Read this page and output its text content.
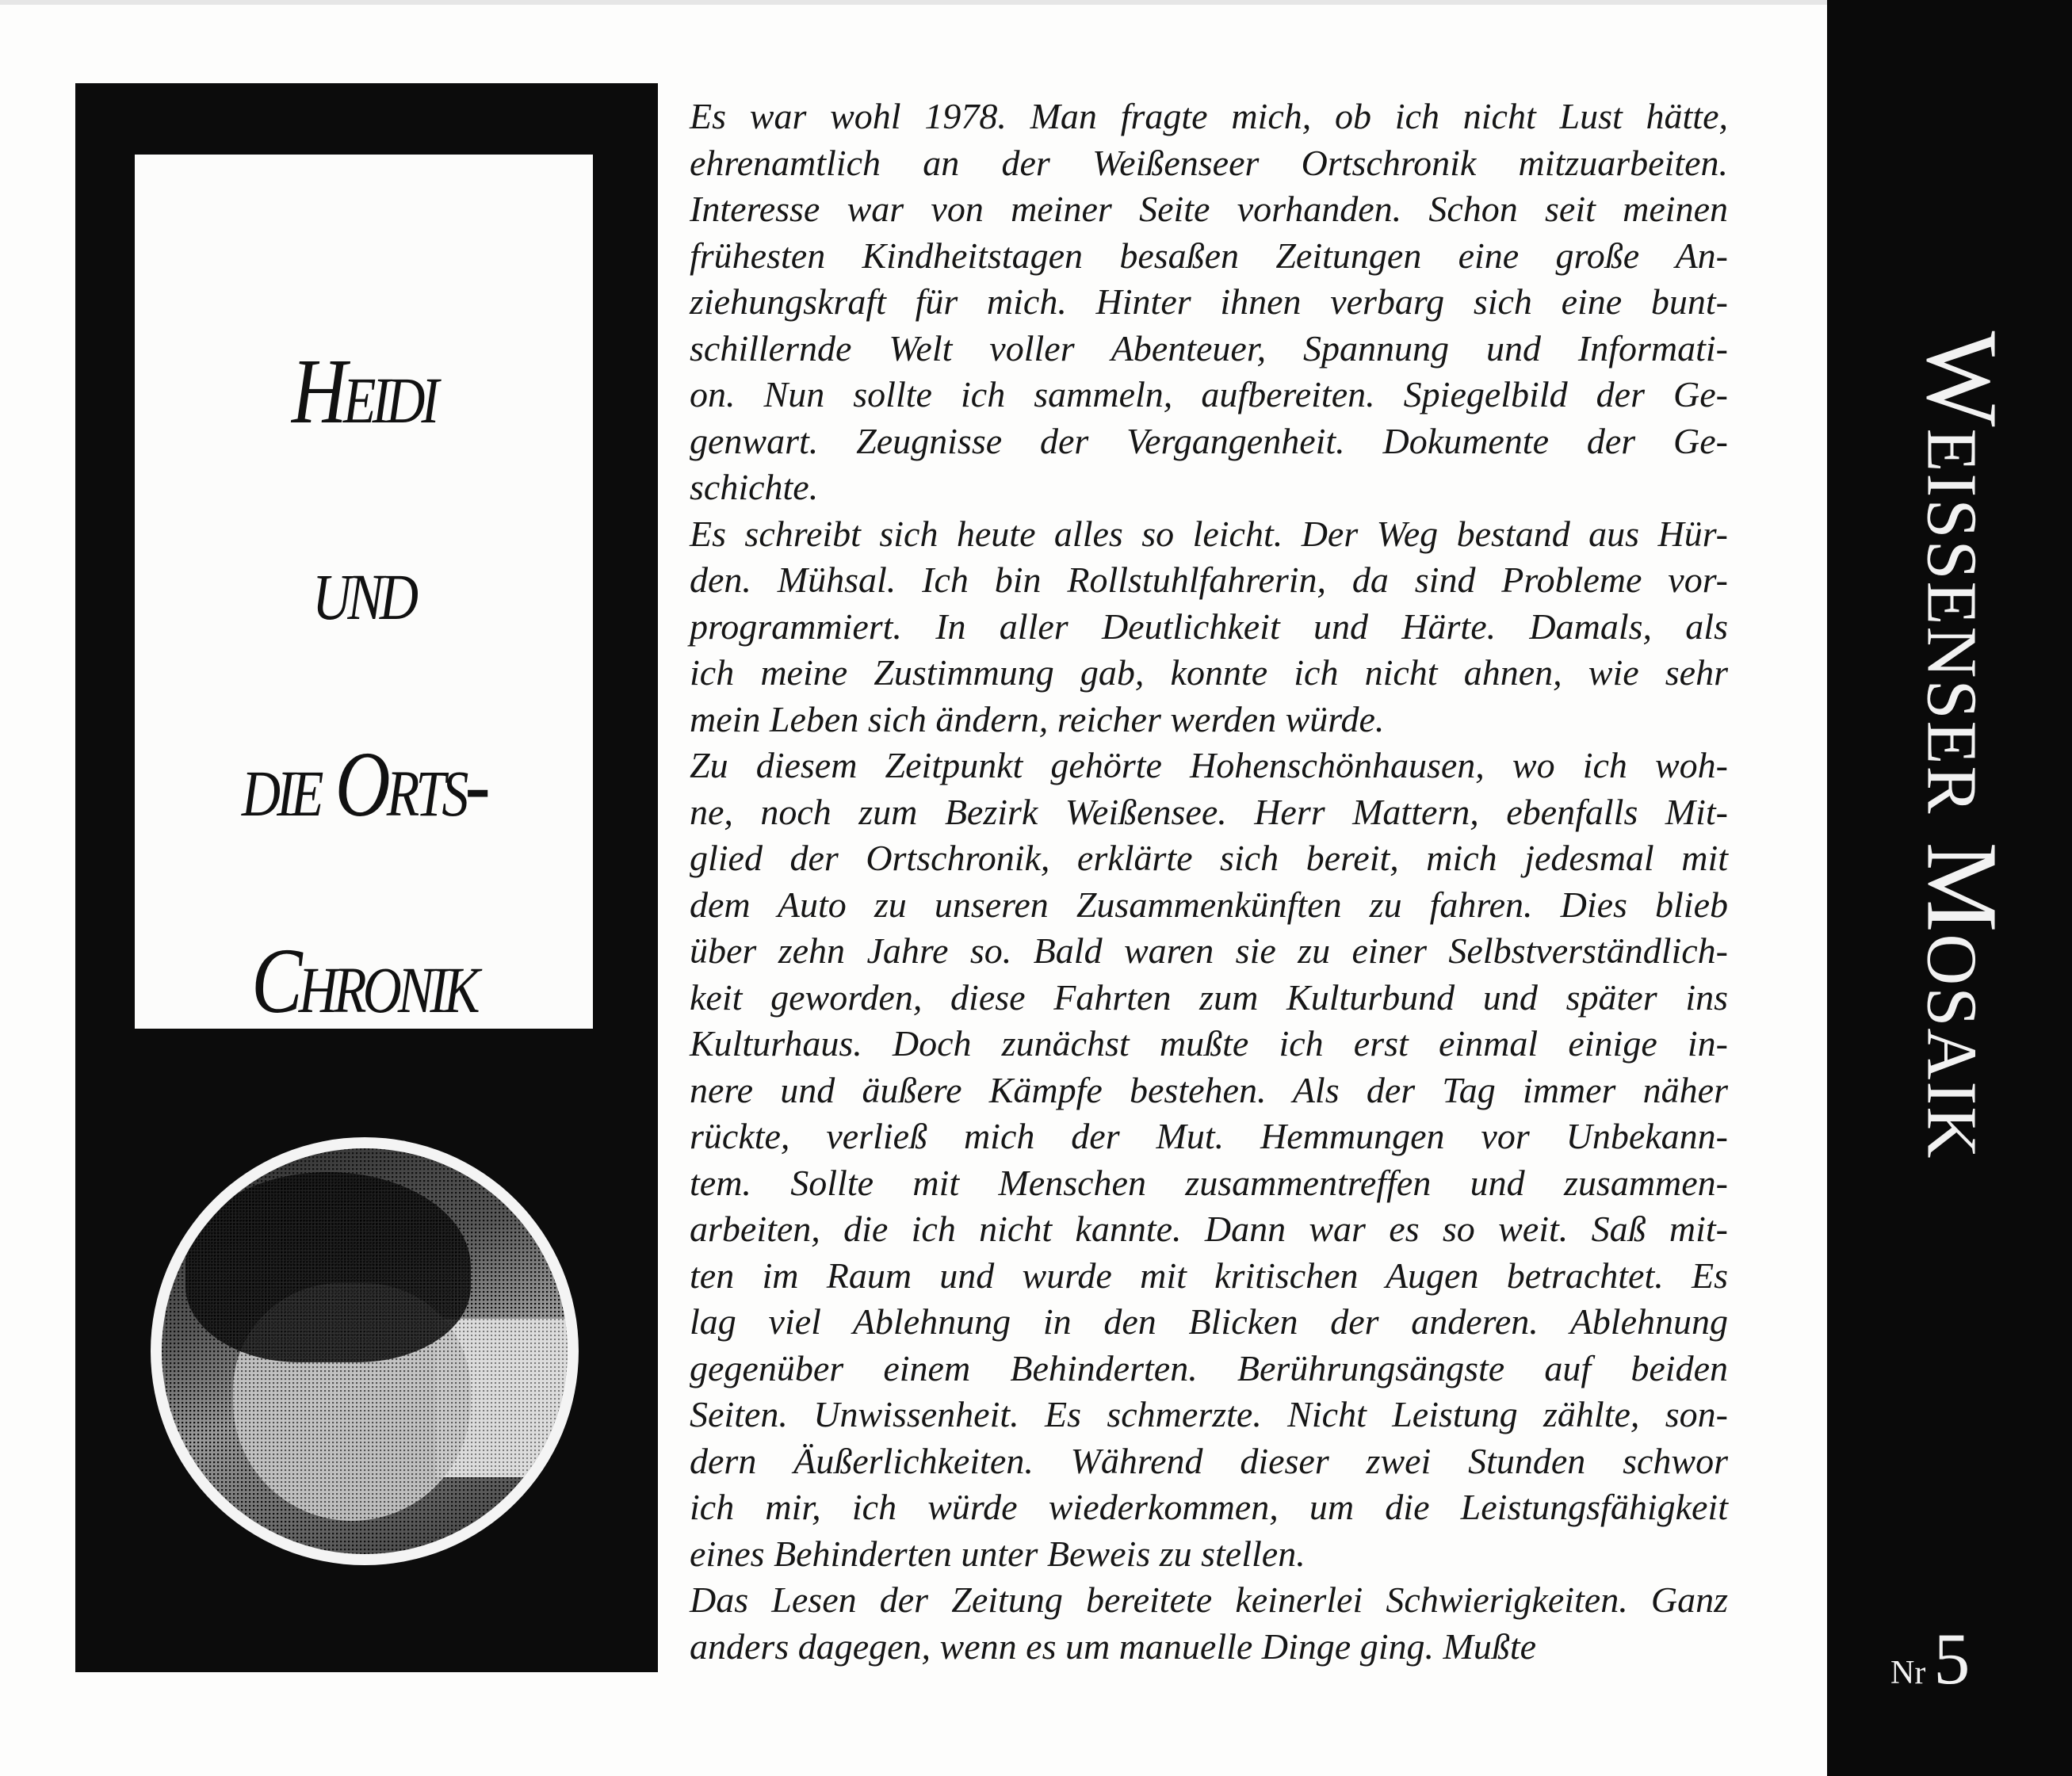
Heidi
und
die Orts-
Chronik
Es war wohl 1978. Man fragte mich, ob ich nicht Lust hätte,
ehrenamtlich an der Weißenseer Ortschronik mitzuarbeiten.
Interesse war von meiner Seite vorhanden. Schon seit meinen
frühesten Kindheitstagen besaßen Zeitungen eine große An-
ziehungskraft für mich. Hinter ihnen verbarg sich eine bunt-
schillernde Welt voller Abenteuer, Spannung und Informati-
on. Nun sollte ich sammeln, aufbereiten. Spiegelbild der Ge-
genwart. Zeugnisse der Vergangenheit. Dokumente der Ge-
schichte.
Es schreibt sich heute alles so leicht. Der Weg bestand aus Hür-
den. Mühsal. Ich bin Rollstuhlfahrerin, da sind Probleme vor-
programmiert. In aller Deutlichkeit und Härte. Damals, als
ich meine Zustimmung gab, konnte ich nicht ahnen, wie sehr
mein Leben sich ändern, reicher werden würde.
Zu diesem Zeitpunkt gehörte Hohenschönhausen, wo ich woh-
ne, noch zum Bezirk Weißensee. Herr Mattern, ebenfalls Mit-
glied der Ortschronik, erklärte sich bereit, mich jedesmal mit
dem Auto zu unseren Zusammenkünften zu fahren. Dies blieb
über zehn Jahre so. Bald waren sie zu einer Selbstverständlich-
keit geworden, diese Fahrten zum Kulturbund und später ins
Kulturhaus. Doch zunächst mußte ich erst einmal einige in-
nere und äußere Kämpfe bestehen. Als der Tag immer näher
rückte, verließ mich der Mut. Hemmungen vor Unbekann-
tem. Sollte mit Menschen zusammentreffen und zusammen-
arbeiten, die ich nicht kannte. Dann war es so weit. Saß mit-
ten im Raum und wurde mit kritischen Augen betrachtet. Es
lag viel Ablehnung in den Blicken der anderen. Ablehnung
gegenüber einem Behinderten. Berührungsängste auf beiden
Seiten. Unwissenheit. Es schmerzte. Nicht Leistung zählte, son-
dern Äußerlichkeiten. Während dieser zwei Stunden schwor
ich mir, ich würde wiederkommen, um die Leistungsfähigkeit
eines Behinderten unter Beweis zu stellen.
Das Lesen der Zeitung bereitete keinerlei Schwierigkeiten. Ganz
anders dagegen, wenn es um manuelle Dinge ging. Mußte
Weissenser Mosaik
Nr 5
